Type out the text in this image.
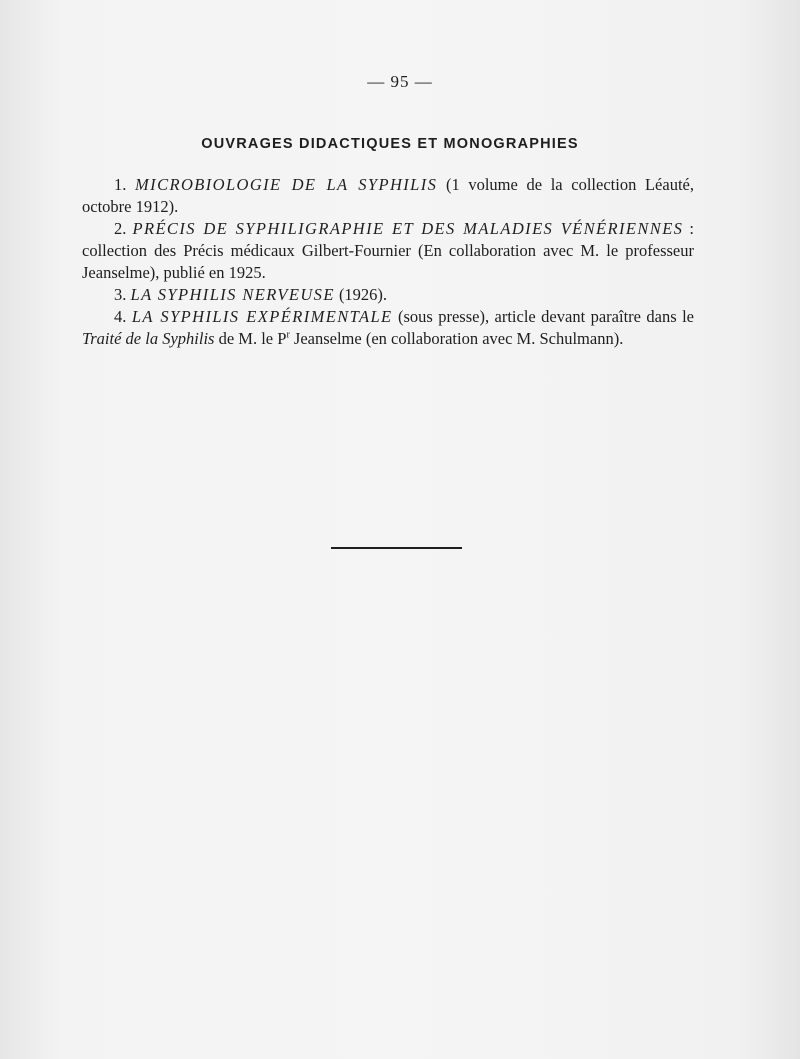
— 95 —
OUVRAGES DIDACTIQUES ET MONOGRAPHIES

1. MICROBIOLOGIE DE LA SYPHILIS (1 volume de la collection Léauté, octobre 1912).

2. PRÉCIS DE SYPHILIGRAPHIE ET DES MALADIES VÉNÉRIENNES : collection des Précis médicaux Gilbert-Fournier (En collaboration avec M. le professeur Jeanselme), publié en 1925.

3. LA SYPHILIS NERVEUSE (1926).

4. LA SYPHILIS EXPÉRIMENTALE (sous presse), article devant paraître dans le Traité de la Syphilis de M. le $P^r$ Jeanselme (en collaboration avec M. Schulmann).
